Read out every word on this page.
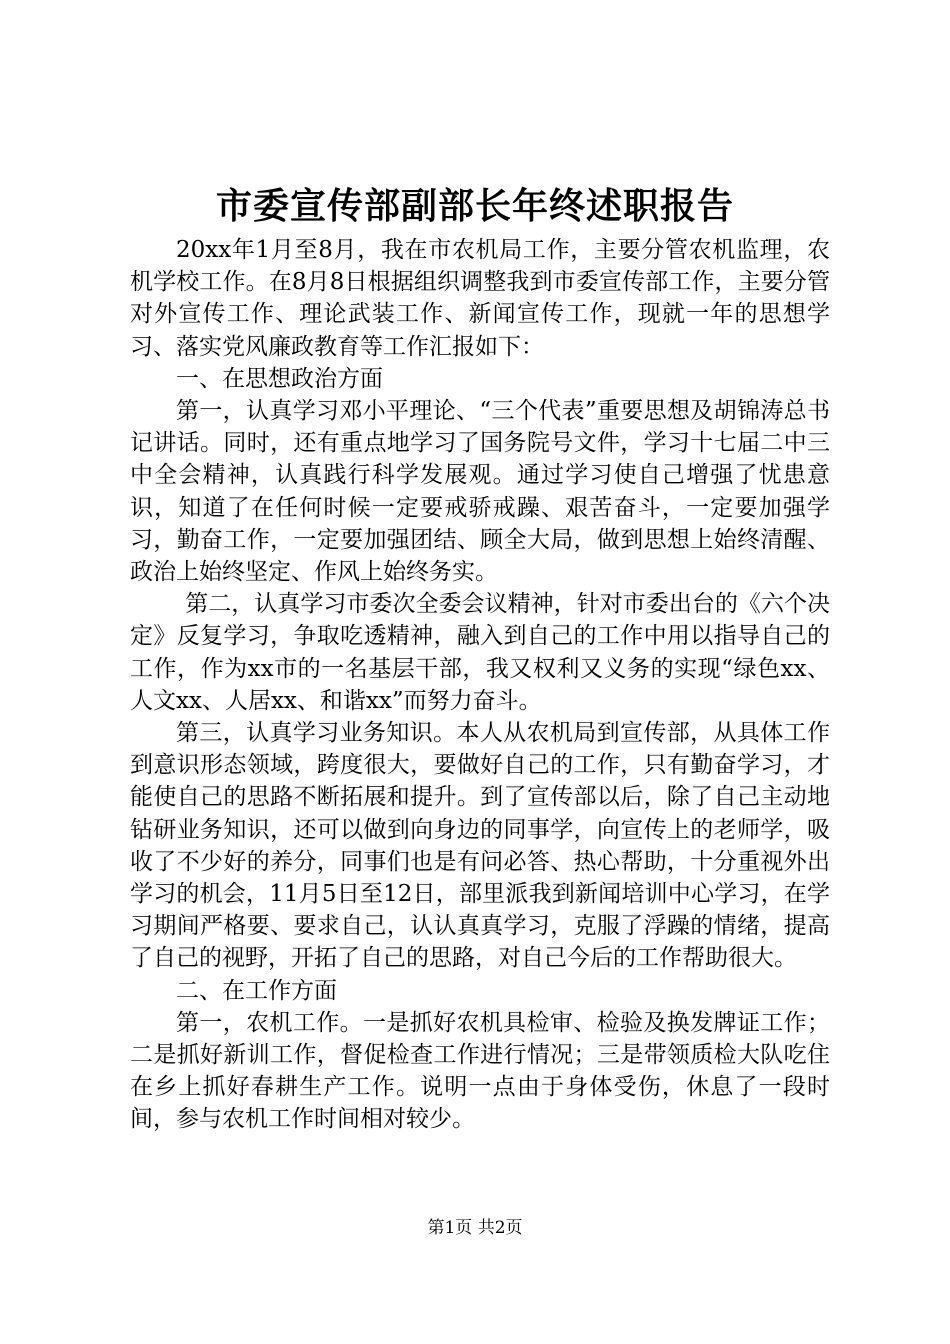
市委宣传部副部长年终述职报告

20xx年1月至8月，我在市农机局工作，主要分管农机监理，农机学校工作。在8月8日根据组织调整我到市委宣传部工作，主要分管对外宣传工作、理论武装工作、新闻宣传工作，现就一年的思想学习、落实党风廉政教育等工作汇报如下：

一、在思想政治方面

第一，认真学习邓小平理论、“三个代表”重要思想及胡锦涛总书记讲话。同时，还有重点地学习了国务院号文件，学习十七届二中三中全会精神，认真践行科学发展观。通过学习使自己增强了忧患意识，知道了在任何时候一定要戒骄戒躁、艰苦奋斗，一定要加强学习，勤奋工作，一定要加强团结、顾全大局，做到思想上始终清醒、政治上始终坚定、作风上始终务实。

第二，认真学习市委次全委会议精神，针对市委出台的《六个决定》反复学习，争取吃透精神，融入到自己的工作中用以指导自己的工作，作为xx市的一名基层干部，我又权利又义务的实现“绿色xx、人文xx、人居xx、和谐xx”而努力奋斗。

第三，认真学习业务知识。本人从农机局到宣传部，从具体工作到意识形态领域，跨度很大，要做好自己的工作，只有勤奋学习，才能使自己的思路不断拓展和提升。到了宣传部以后，除了自己主动地钻研业务知识，还可以做到向身边的同事学，向宣传上的老师学，吸收了不少好的养分，同事们也是有问必答、热心帮助，十分重视外出学习的机会，11月5日至12日，部里派我到新闻培训中心学习，在学习期间严格要、要求自己，认认真真学习，克服了浮躁的情绪，提高了自己的视野，开拓了自己的思路，对自己今后的工作帮助很大。

二、在工作方面

第一，农机工作。一是抓好农机具检审、检验及换发牌证工作；二是抓好新训工作，督促检查工作进行情况；三是带领质检大队吃住在乡上抓好春耕生产工作。说明一点由于身体受伤，休息了一段时间，参与农机工作时间相对较少。

第1页 共2页
